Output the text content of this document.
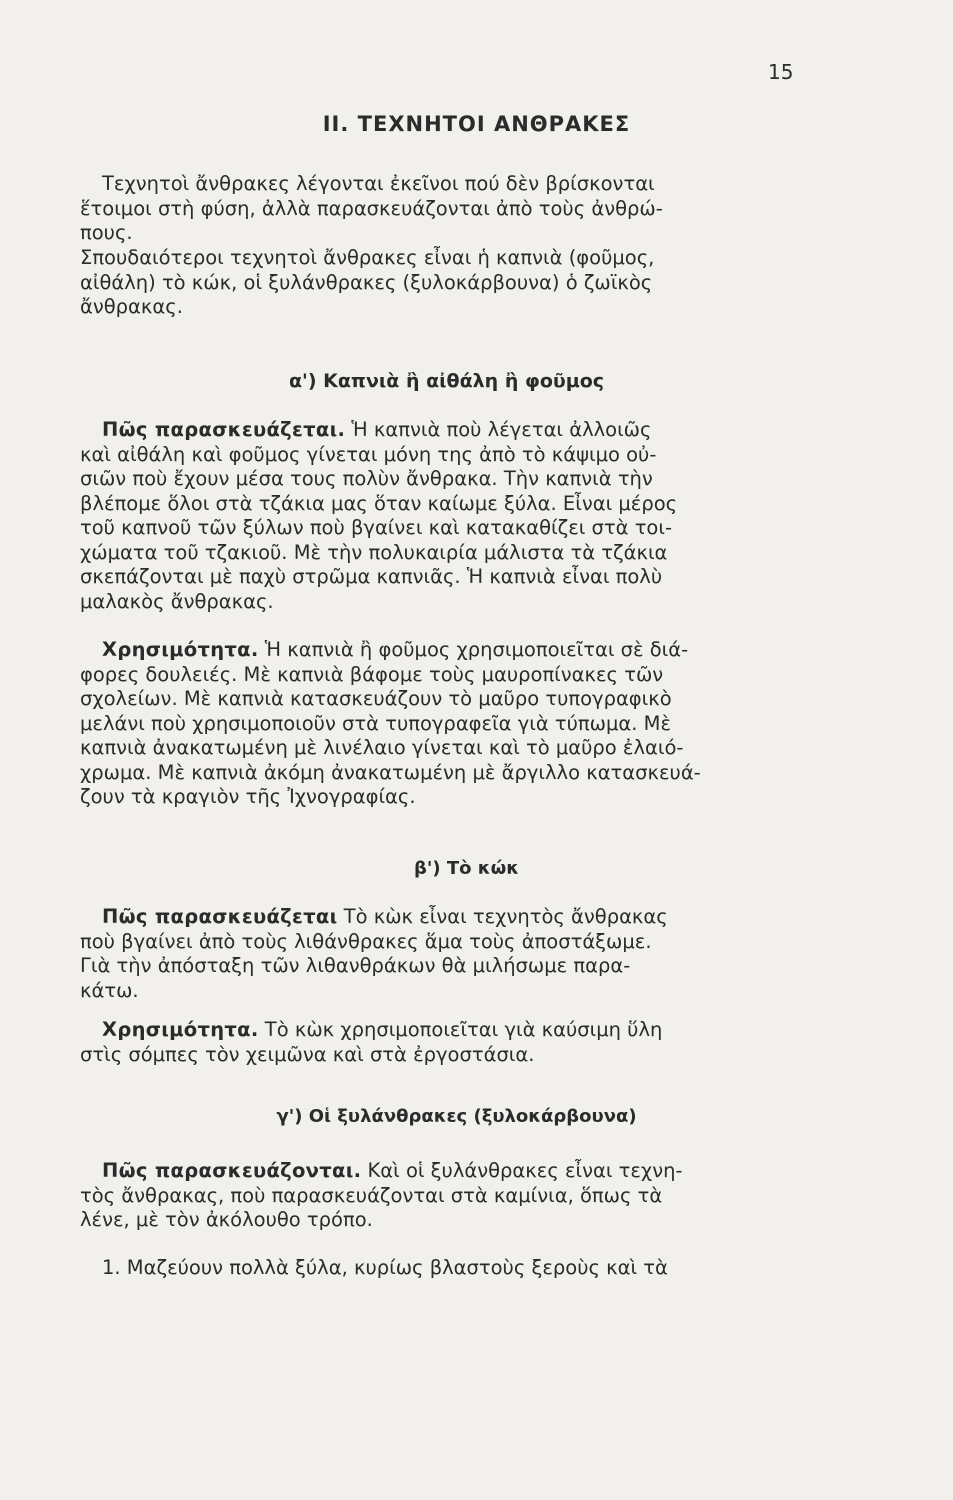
15
II. ΤΕΧΝΗΤΟΙ ΑΝΘΡΑΚΕΣ
Τεχνητοὶ ἄνθρακες λέγονται ἐκεῖνοι πού δὲν βρίσκονται
ἕτοιμοι στὴ φύση, ἀλλὰ παρασκευάζονται ἀπὸ τοὺς ἀνθρώ-
πους.
Σπουδαιότεροι τεχνητοὶ ἄνθρακες εἶναι ἡ καπνιὰ (φοῦμος,
αἰθάλη) τὸ κώκ, οἱ ξυλάνθρακες (ξυλοκάρβουνα) ὁ ζωϊκὸς
ἄνθρακας.
α') Καπνιὰ ἢ αἰθάλη ἢ φοῦμος
Πῶς παρασκευάζεται. Ἡ καπνιὰ ποὺ λέγεται ἀλλοιῶς
καὶ αἰθάλη καὶ φοῦμος γίνεται μόνη της ἀπὸ τὸ κάψιμο οὐ-
σιῶν ποὺ ἔχουν μέσα τους πολὺν ἄνθρακα. Τὴν καπνιὰ τὴν
βλέπομε ὅλοι στὰ τζάκια μας ὅταν καίωμε ξύλα. Εἶναι μέρος
τοῦ καπνοῦ τῶν ξύλων ποὺ βγαίνει καὶ κατακαθίζει στὰ τοι-
χώματα τοῦ τζακιοῦ. Μὲ τὴν πολυκαιρία μάλιστα τὰ τζάκια
σκεπάζονται μὲ παχὺ στρῶμα καπνιᾶς. Ἡ καπνιὰ εἶναι πολὺ
μαλακὸς ἄνθρακας.
Χρησιμότητα. Ἡ καπνιὰ ἢ φοῦμος χρησιμοποιεῖται σὲ διά-
φορες δουλειές. Μὲ καπνιὰ βάφομε τοὺς μαυροπίνακες τῶν
σχολείων. Μὲ καπνιὰ κατασκευάζουν τὸ μαῦρο τυπογραφικὸ
μελάνι ποὺ χρησιμοποιοῦν στὰ τυπογραφεῖα γιὰ τύπωμα. Μὲ
καπνιὰ ἀνακατωμένη μὲ λινέλαιο γίνεται καὶ τὸ μαῦρο ἐλαιό-
χρωμα. Μὲ καπνιὰ ἀκόμη ἀνακατωμένη μὲ ἄργιλλο κατασκευά-
ζουν τὰ κραγιὸν τῆς Ἰχνογραφίας.
β') Τὸ κώκ
Πῶς παρασκευάζεται Τὸ κὼκ εἶναι τεχνητὸς ἄνθρακας
ποὺ βγαίνει ἀπὸ τοὺς λιθάνθρακες ἅμα τοὺς ἀποστάξωμε.
Γιὰ τὴν ἀπόσταξη τῶν λιθανθράκων θὰ μιλήσωμε παρα-
κάτω.
Χρησιμότητα. Τὸ κὼκ χρησιμοποιεῖται γιὰ καύσιμη ὕλη
στὶς σόμπες τὸν χειμῶνα καὶ στὰ ἐργοστάσια.
γ') Οἱ ξυλάνθρακες (ξυλοκάρβουνα)
Πῶς παρασκευάζονται. Καὶ οἱ ξυλάνθρακες εἶναι τεχνη-
τὸς ἄνθρακας, ποὺ παρασκευάζονται στὰ καμίνια, ὅπως τὰ
λένε, μὲ τὸν ἀκόλουθο τρόπο.
1. Μαζεύουν πολλὰ ξύλα, κυρίως βλαστοὺς ξεροὺς καὶ τὰ
